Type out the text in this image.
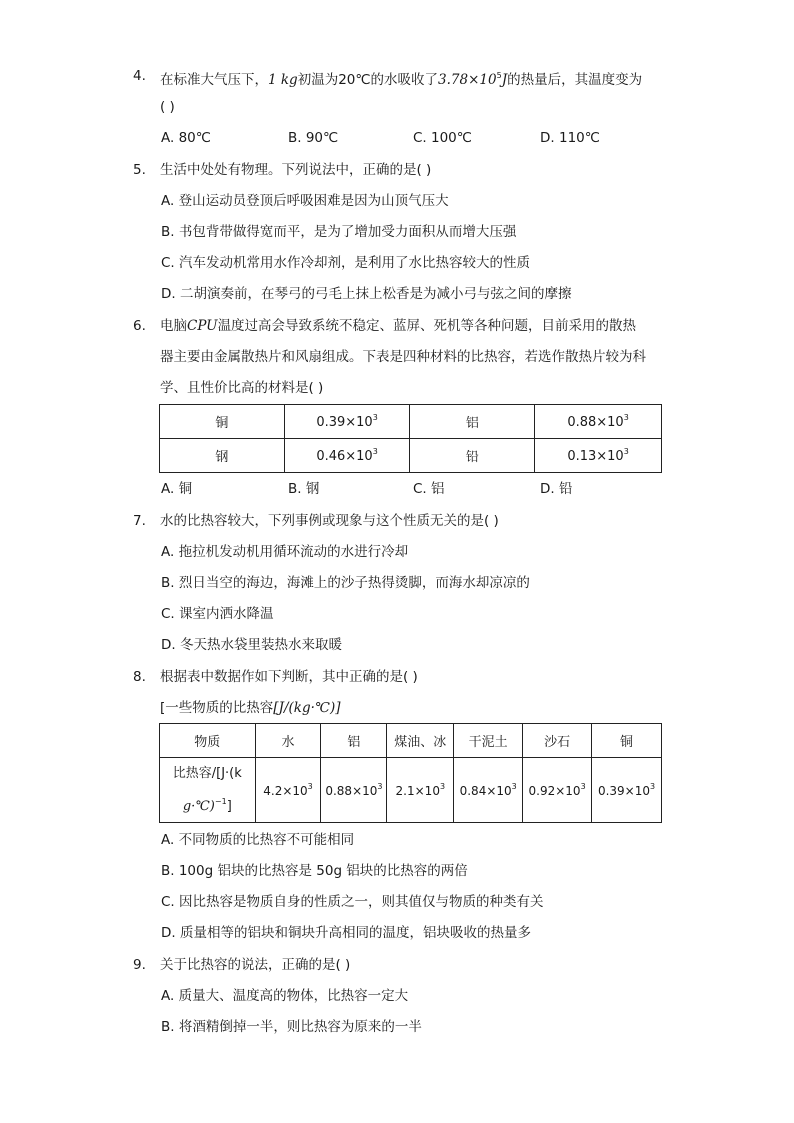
4. 在标准大气压下，1 kg初温为20℃的水吸收了$3.78\times 10^5J$的热量后，其温度变为
( )
A. 80℃	B. 90℃	C. 100℃	D. 110℃
5. 生活中处处有物理。下列说法中，正确的是( )
A. 登山运动员登顶后呼吸困难是因为山顶气压大
B. 书包背带做得宽而平，是为了增加受力面积从而增大压强
C. 汽车发动机常用水作冷却剂，是利用了水比热容较大的性质
D. 二胡演奏前，在琴弓的弓毛上抹上松香是为减小弓与弦之间的摩擦
6. 电脑CPU温度过高会导致系统不稳定、蓝屏、死机等各种问题，目前采用的散热
器主要由金属散热片和风扇组成。下表是四种材料的比热容，若选作散热片较为科
学、且性价比高的材料是( )
铜	$0.39\times 10^3$	铝	$0.88\times 10^3$
钢	$0.46\times 10^3$	铅	$0.13\times 10^3$
A. 铜	B. 钢	C. 铝	D. 铅
7. 水的比热容较大，下列事例或现象与这个性质无关的是( )
A. 拖拉机发动机用循环流动的水进行冷却
B. 烈日当空的海边，海滩上的沙子热得烫脚，而海水却凉凉的
C. 课室内洒水降温
D. 冬天热水袋里装热水来取暖
8. 根据表中数据作如下判断，其中正确的是( )
[一些物质的比热容[J/(kg·℃)]
物质	水	铝	煤油、冰	干泥土	沙石	铜
比热容/[J·(k
g·℃)$^{-1}$]	$4.2\times 10^3$	$0.88\times 10^3$	$2.1\times 10^3$	$0.84\times 10^3$	$0.92\times 10^3$	$0.39\times 10^3$
A. 不同物质的比热容不可能相同
B. 100g 铝块的比热容是 50g 铝块的比热容的两倍
C. 因比热容是物质自身的性质之一，则其值仅与物质的种类有关
D. 质量相等的铝块和铜块升高相同的温度，铝块吸收的热量多
9. 关于比热容的说法，正确的是( )
A. 质量大、温度高的物体，比热容一定大
B. 将酒精倒掉一半，则比热容为原来的一半
